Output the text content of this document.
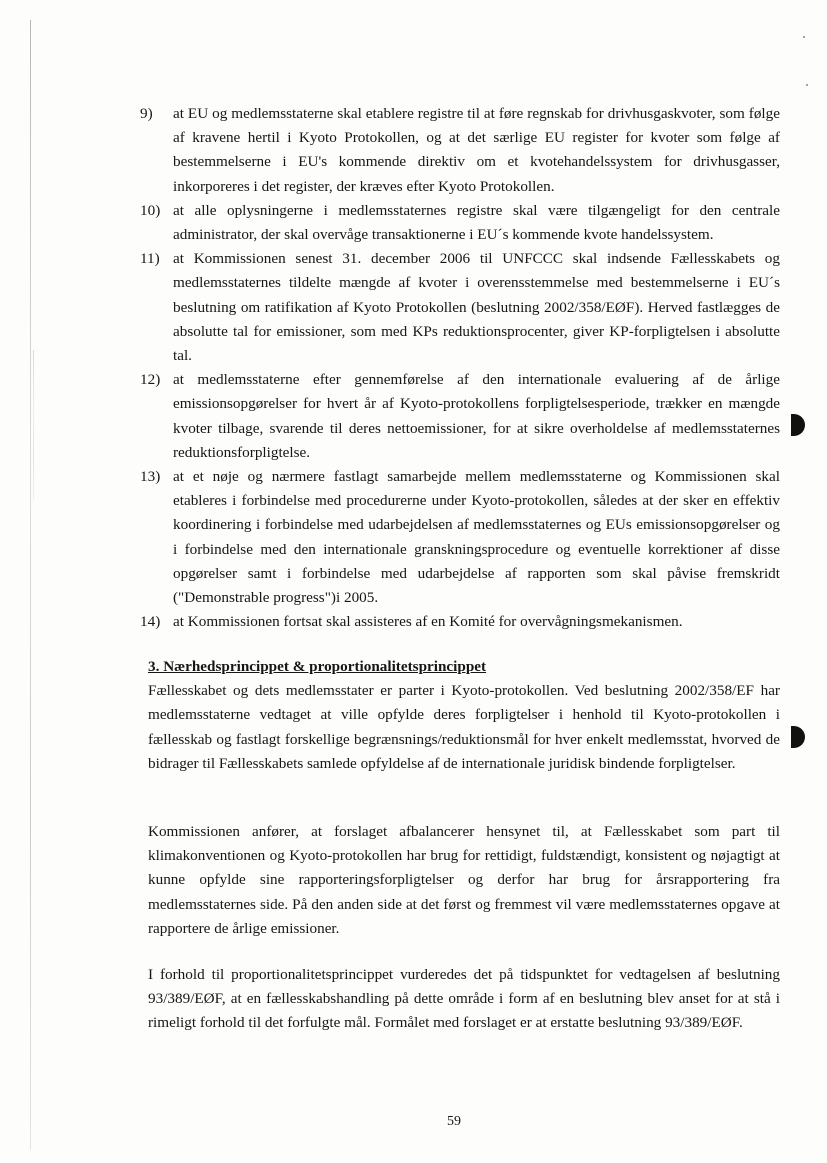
9)	at EU og medlemsstaterne skal etablere registre til at føre regnskab for drivhusgaskvoter, som følge af kravene hertil i Kyoto Protokollen, og at det særlige EU register for kvoter som følge af bestemmelserne i EU's kommende direktiv om et kvotehandelssystem for drivhusgasser, inkorporeres i det register, der kræves efter Kyoto Protokollen.
10) at alle oplysningerne i medlemsstaternes registre skal være tilgængeligt for den centrale administrator, der skal overvåge transaktionerne i EU´s kommende kvote handelssystem.
11) at Kommissionen senest 31. december 2006 til UNFCCC skal indsende Fællesskabets og medlemsstaternes tildelte mængde af kvoter i overensstemmelse med bestemmelserne i EU´s beslutning om ratifikation af Kyoto Protokollen (beslutning 2002/358/EØF). Herved fastlægges de absolutte tal for emissioner, som med KPs reduktionsprocenter, giver KP-forpligtelsen i absolutte tal.
12) at medlemsstaterne efter gennemførelse af den internationale evaluering af de årlige emissionsopgørelser for hvert år af Kyoto-protokollens forpligtelsesperiode, trækker en mængde kvoter tilbage, svarende til deres nettoemissioner, for at sikre overholdelse af medlemsstaternes reduktionsforpligtelse.
13) at et nøje og nærmere fastlagt samarbejde mellem medlemsstaterne og Kommissionen skal etableres i forbindelse med procedurerne under Kyoto-protokollen, således at der sker en effektiv koordinering i forbindelse med udarbejdelsen af medlemsstaternes og EUs emissionsopgørelser og i forbindelse med den internationale granskningsprocedure og eventuelle korrektioner af disse opgørelser samt i forbindelse med udarbejdelse af rapporten som skal påvise fremskridt ("Demonstrable progress")i 2005.
14) at Kommissionen fortsat skal assisteres af en Komité for overvågningsmekanismen.
3. Nærhedsprincippet & proportionalitetsprincippet

Fællesskabet og dets medlemsstater er parter i Kyoto-protokollen. Ved beslutning 2002/358/EF har medlemsstaterne vedtaget at ville opfylde deres forpligtelser i henhold til Kyoto-protokollen i fællesskab og fastlagt forskellige begrænsnings/reduktionsmål for hver enkelt medlemsstat, hvorved de bidrager til Fællesskabets samlede opfyldelse af de internationale juridisk bindende forpligtelser.

Kommissionen anfører, at forslaget afbalancerer hensynet til, at Fællesskabet som part til klimakonventionen og Kyoto-protokollen har brug for rettidigt, fuldstændigt, konsistent og nøjagtigt at kunne opfylde sine rapporteringsforpligtelser og derfor har brug for årsrapportering fra medlemsstaternes side. På den anden side at det først og fremmest vil være medlemsstaternes opgave at rapportere de årlige emissioner.

I forhold til proportionalitetsprincippet vurderedes det på tidspunktet for vedtagelsen af beslutning 93/389/EØF, at en fællesskabshandling på dette område i form af en beslutning blev anset for at stå i rimeligt forhold til det forfulgte mål. Formålet med forslaget er at erstatte beslutning 93/389/EØF.

59
